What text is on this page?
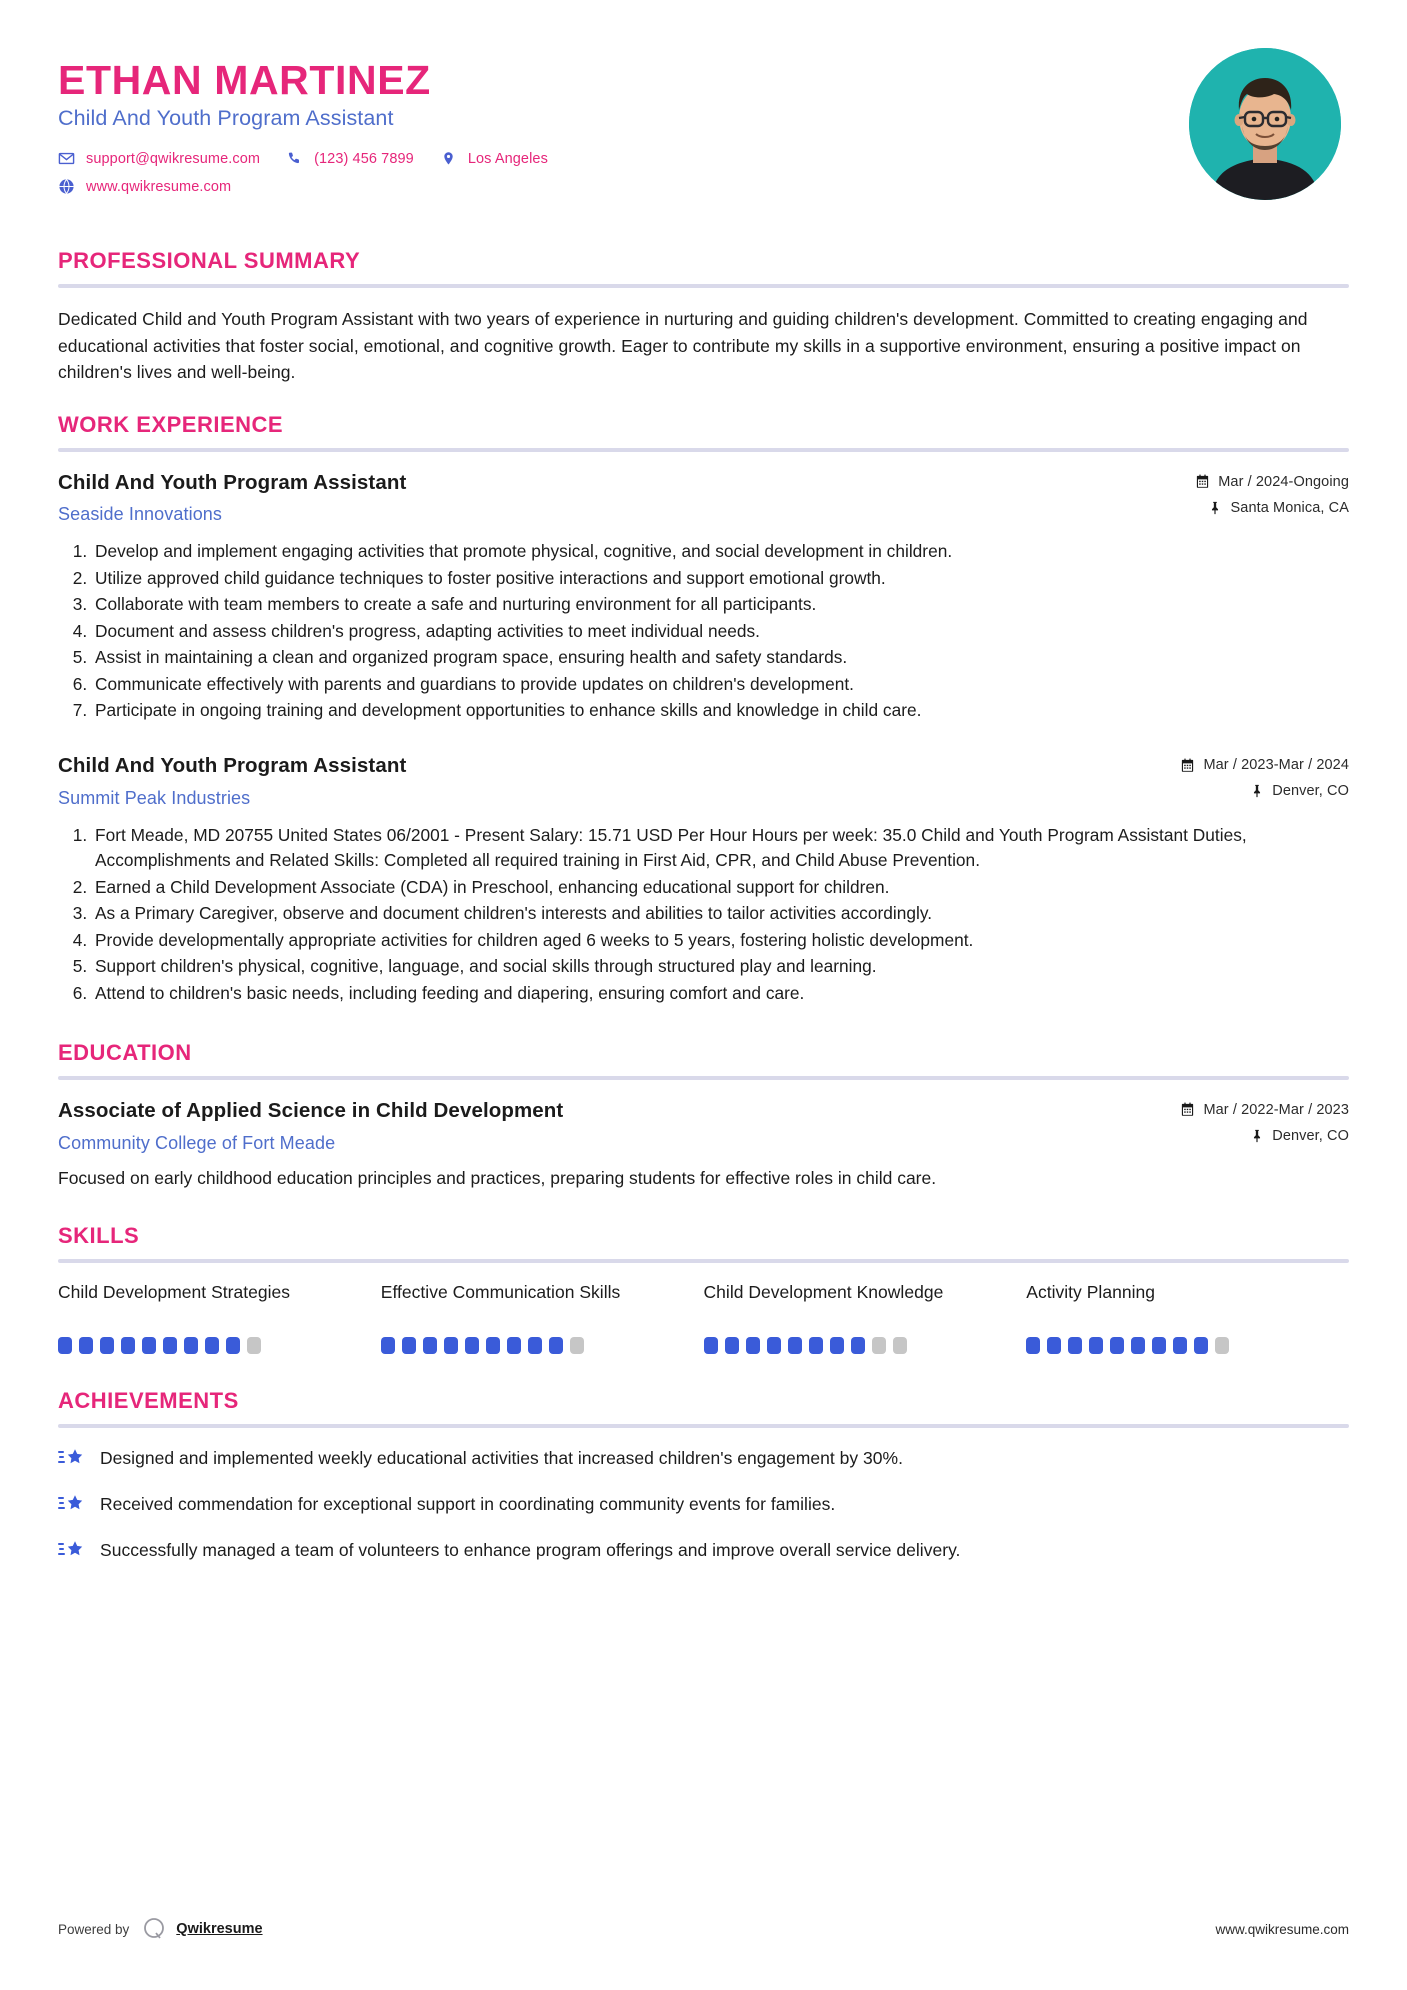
ETHAN MARTINEZ
Child And Youth Program Assistant
support@qwikresume.com	(123) 456 7899	Los Angeles
www.qwikresume.com
PROFESSIONAL SUMMARY

Dedicated Child and Youth Program Assistant with two years of experience in nurturing and guiding children's development. Committed to creating engaging and educational activities that foster social, emotional, and cognitive growth. Eager to contribute my skills in a supportive environment, ensuring a positive impact on children's lives and well-being.

WORK EXPERIENCE
Child And Youth Program Assistant
Seaside Innovations
Mar / 2024-Ongoing
Santa Monica, CA
1. Develop and implement engaging activities that promote physical, cognitive, and social development in children.
2. Utilize approved child guidance techniques to foster positive interactions and support emotional growth.
3. Collaborate with team members to create a safe and nurturing environment for all participants.
4. Document and assess children's progress, adapting activities to meet individual needs.
5. Assist in maintaining a clean and organized program space, ensuring health and safety standards.
6. Communicate effectively with parents and guardians to provide updates on children's development.
7. Participate in ongoing training and development opportunities to enhance skills and knowledge in child care.
Child And Youth Program Assistant
Summit Peak Industries
Mar / 2023-Mar / 2024
Denver, CO
1. Fort Meade, MD 20755 United States 06/2001 - Present Salary: 15.71 USD Per Hour Hours per week: 35.0 Child and Youth Program Assistant Duties, Accomplishments and Related Skills: Completed all required training in First Aid, CPR, and Child Abuse Prevention.
2. Earned a Child Development Associate (CDA) in Preschool, enhancing educational support for children.
3. As a Primary Caregiver, observe and document children's interests and abilities to tailor activities accordingly.
4. Provide developmentally appropriate activities for children aged 6 weeks to 5 years, fostering holistic development.
5. Support children's physical, cognitive, language, and social skills through structured play and learning.
6. Attend to children's basic needs, including feeding and diapering, ensuring comfort and care.
EDUCATION
Associate of Applied Science in Child Development
Community College of Fort Meade
Mar / 2022-Mar / 2023
Denver, CO

Focused on early childhood education principles and practices, preparing students for effective roles in child care.

SKILLS
Child Development Strategies	Effective Communication Skills	Child Development Knowledge	Activity Planning
ACHIEVEMENTS
Designed and implemented weekly educational activities that increased children's engagement by 30%.
Received commendation for exceptional support in coordinating community events for families.
Successfully managed a team of volunteers to enhance program offerings and improve overall service delivery.
Powered by	Qwikresume	www.qwikresume.com
